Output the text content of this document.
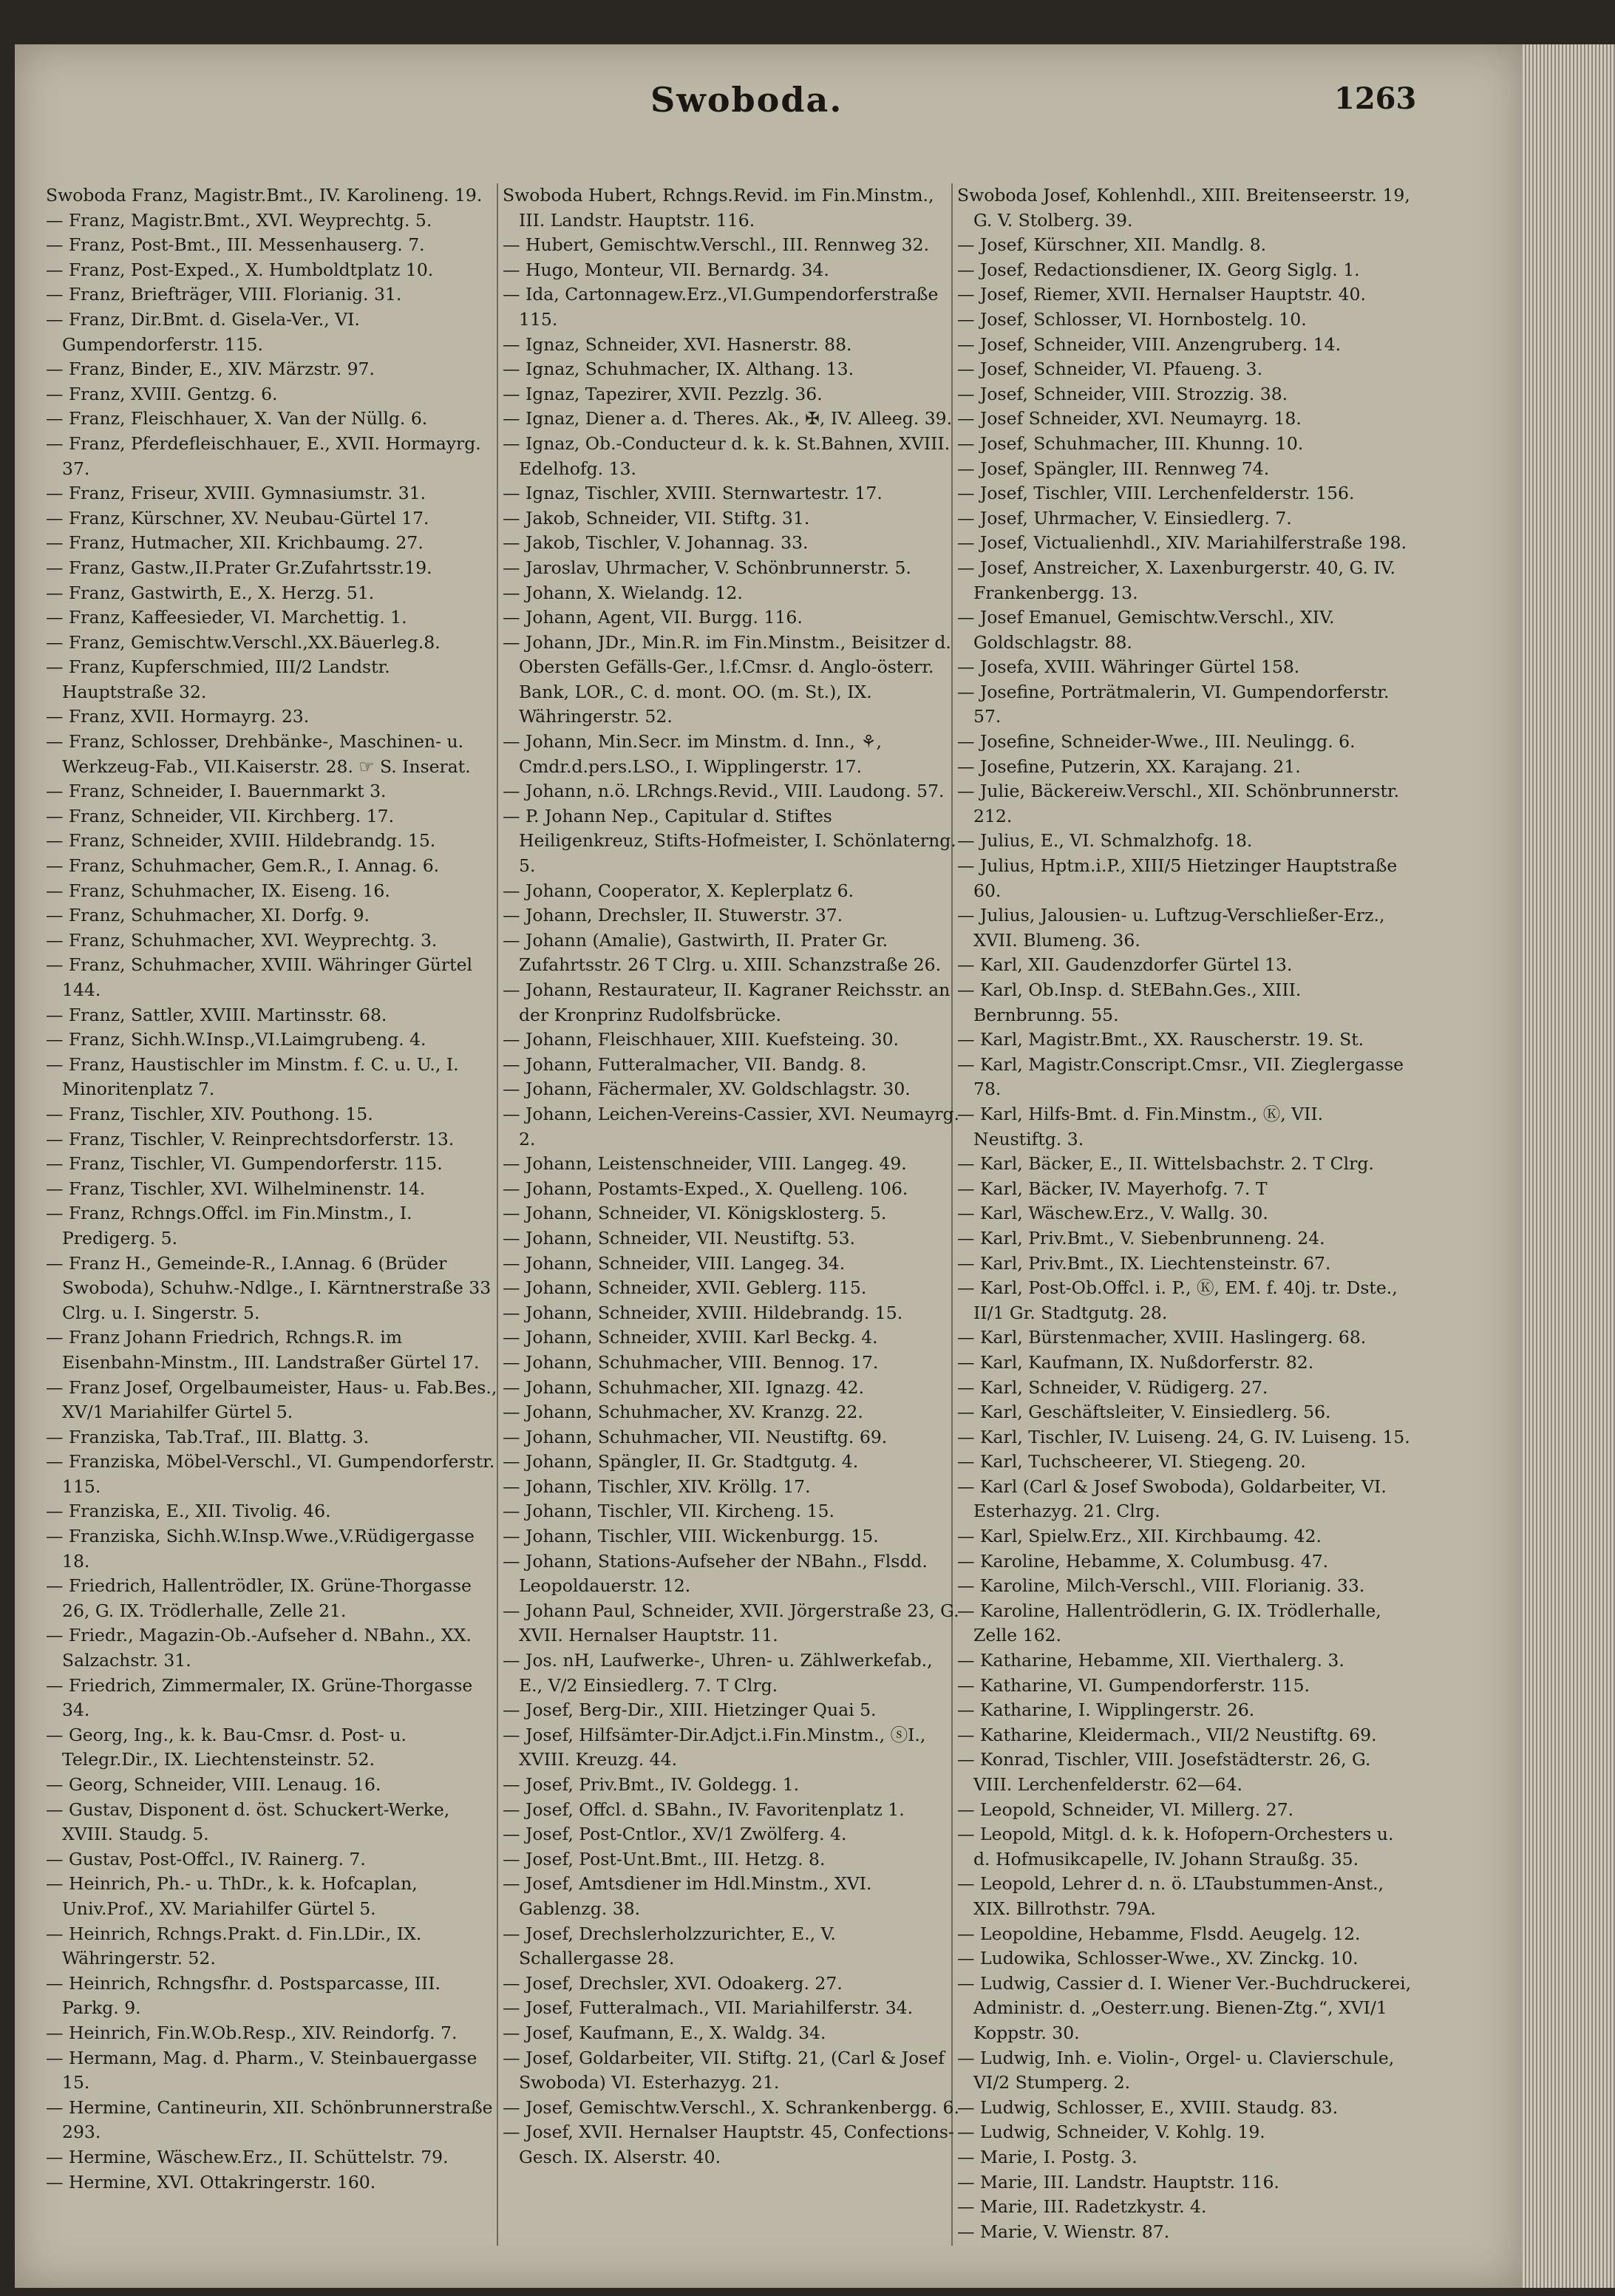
Swoboda.	1263
Swoboda Franz, Magistr.Bmt., IV. Karolineng. 19.
— Franz, Magistr.Bmt., XVI. Weyprechtg. 5.
— Franz, Post-Bmt., III. Messenhauserg. 7.
— Franz, Post-Exped., X. Humboldtplatz 10.
— Franz, Briefträger, VIII. Florianig. 31.
— Franz, Dir.Bmt. d. Gisela-Ver., VI. Gumpendorferstr. 115.
— Franz, Binder, E., XIV. Märzstr. 97.
— Franz, XVIII. Gentzg. 6.
— Franz, Fleischhauer, X. Van der Nüllg. 6.
— Franz, Pferdefleischhauer, E., XVII. Hormayrg. 37.
— Franz, Friseur, XVIII. Gymnasiumstr. 31.
— Franz, Kürschner, XV. Neubau-Gürtel 17.
— Franz, Hutmacher, XII. Krichbaumg. 27.
— Franz, Gastw.,II.Prater Gr.Zufahrtsstr.19.
— Franz, Gastwirth, E., X. Herzg. 51.
— Franz, Kaffeesieder, VI. Marchettig. 1.
— Franz, Gemischtw.Verschl.,XX.Bäuerleg.8.
— Franz, Kupferschmied, III/2 Landstr. Hauptstraße 32.
— Franz, XVII. Hormayrg. 23.
— Franz, Schlosser, Drehbänke-, Maschinen- u. Werkzeug-Fab., VII.Kaiserstr. 28. ☞ S. Inserat.
— Franz, Schneider, I. Bauernmarkt 3.
— Franz, Schneider, VII. Kirchberg. 17.
— Franz, Schneider, XVIII. Hildebrandg. 15.
— Franz, Schuhmacher, Gem.R., I. Annag. 6.
— Franz, Schuhmacher, IX. Eiseng. 16.
— Franz, Schuhmacher, XI. Dorfg. 9.
— Franz, Schuhmacher, XVI. Weyprechtg. 3.
— Franz, Schuhmacher, XVIII. Währinger Gürtel 144.
— Franz, Sattler, XVIII. Martinsstr. 68.
— Franz, Sichh.W.Insp.,VI.Laimgrubeng. 4.
— Franz, Haustischler im Minstm. f. C. u. U., I. Minoritenplatz 7.
— Franz, Tischler, XIV. Pouthong. 15.
— Franz, Tischler, V. Reinprechtsdorferstr. 13.
— Franz, Tischler, VI. Gumpendorferstr. 115.
— Franz, Tischler, XVI. Wilhelminenstr. 14.
— Franz, Rchngs.Offcl. im Fin.Minstm., I. Predigerg. 5.
— Franz H., Gemeinde-R., I.Annag. 6 (Brüder Swoboda), Schuhw.-Ndlge., I. Kärntnerstraße 33 Clrg. u. I. Singerstr. 5.
— Franz Johann Friedrich, Rchngs.R. im Eisenbahn-Minstm., III. Landstraßer Gürtel 17.
— Franz Josef, Orgelbaumeister, Haus- u. Fab.Bes., XV/1 Mariahilfer Gürtel 5.
— Franziska, Tab.Traf., III. Blattg. 3.
— Franziska, Möbel-Verschl., VI. Gumpendorferstr. 115.
— Franziska, E., XII. Tivolig. 46.
— Franziska, Sichh.W.Insp.Wwe.,V.Rüdigergasse 18.
— Friedrich, Hallentrödler, IX. Grüne-Thorgasse 26, G. IX. Trödlerhalle, Zelle 21.
— Friedr., Magazin-Ob.-Aufseher d. NBahn., XX. Salzachstr. 31.
— Friedrich, Zimmermaler, IX. Grüne-Thorgasse 34.
— Georg, Ing., k. k. Bau-Cmsr. d. Post- u. Telegr.Dir., IX. Liechtensteinstr. 52.
— Georg, Schneider, VIII. Lenaug. 16.
— Gustav, Disponent d. öst. Schuckert-Werke, XVIII. Staudg. 5.
— Gustav, Post-Offcl., IV. Rainerg. 7.
— Heinrich, Ph.- u. ThDr., k. k. Hofcaplan, Univ.Prof., XV. Mariahilfer Gürtel 5.
— Heinrich, Rchngs.Prakt. d. Fin.LDir., IX. Währingerstr. 52.
— Heinrich, Rchngsfhr. d. Postsparcasse, III. Parkg. 9.
— Heinrich, Fin.W.Ob.Resp., XIV. Reindorfg. 7.
— Hermann, Mag. d. Pharm., V. Steinbauergasse 15.
— Hermine, Cantineurin, XII. Schönbrunnerstraße 293.
— Hermine, Wäschew.Erz., II. Schüttelstr. 79.
— Hermine, XVI. Ottakringerstr. 160.
Swoboda Hubert, Rchngs.Revid. im Fin.Minstm., III. Landstr. Hauptstr. 116.
— Hubert, Gemischtw.Verschl., III. Rennweg 32.
— Hugo, Monteur, VII. Bernardg. 34.
— Ida, Cartonnagew.Erz.,VI.Gumpendorferstraße 115.
— Ignaz, Schneider, XVI. Hasnerstr. 88.
— Ignaz, Schuhmacher, IX. Althang. 13.
— Ignaz, Tapezirer, XVII. Pezzlg. 36.
— Ignaz, Diener a. d. Theres. Ak., ✠, IV. Alleeg. 39.
— Ignaz, Ob.-Conducteur d. k. k. St.Bahnen, XVIII. Edelhofg. 13.
— Ignaz, Tischler, XVIII. Sternwartestr. 17.
— Jakob, Schneider, VII. Stiftg. 31.
— Jakob, Tischler, V. Johannag. 33.
— Jaroslav, Uhrmacher, V. Schönbrunnerstr. 5.
— Johann, X. Wielandg. 12.
— Johann, Agent, VII. Burgg. 116.
— Johann, JDr., Min.R. im Fin.Minstm., Beisitzer d. Obersten Gefälls-Ger., l.f.Cmsr. d. Anglo-österr. Bank, LOR., C. d. mont. OO. (m. St.), IX. Währingerstr. 52.
— Johann, Min.Secr. im Minstm. d. Inn., ⚘, Cmdr.d.pers.LSO., I. Wipplingerstr. 17.
— Johann, n.ö. LRchngs.Revid., VIII. Laudong. 57.
— P. Johann Nep., Capitular d. Stiftes Heiligenkreuz, Stifts-Hofmeister, I. Schönlaterng. 5.
— Johann, Cooperator, X. Keplerplatz 6.
— Johann, Drechsler, II. Stuwerstr. 37.
— Johann (Amalie), Gastwirth, II. Prater Gr. Zufahrtsstr. 26 T Clrg. u. XIII. Schanzstraße 26.
— Johann, Restaurateur, II. Kagraner Reichsstr. an der Kronprinz Rudolfsbrücke.
— Johann, Fleischhauer, XIII. Kuefsteing. 30.
— Johann, Futteralmacher, VII. Bandg. 8.
— Johann, Fächermaler, XV. Goldschlagstr. 30.
— Johann, Leichen-Vereins-Cassier, XVI. Neumayrg. 2.
— Johann, Leistenschneider, VIII. Langeg. 49.
— Johann, Postamts-Exped., X. Quelleng. 106.
— Johann, Schneider, VI. Königsklosterg. 5.
— Johann, Schneider, VII. Neustiftg. 53.
— Johann, Schneider, VIII. Langeg. 34.
— Johann, Schneider, XVII. Geblerg. 115.
— Johann, Schneider, XVIII. Hildebrandg. 15.
— Johann, Schneider, XVIII. Karl Beckg. 4.
— Johann, Schuhmacher, VIII. Bennog. 17.
— Johann, Schuhmacher, XII. Ignazg. 42.
— Johann, Schuhmacher, XV. Kranzg. 22.
— Johann, Schuhmacher, VII. Neustiftg. 69.
— Johann, Spängler, II. Gr. Stadtgutg. 4.
— Johann, Tischler, XIV. Kröllg. 17.
— Johann, Tischler, VII. Kircheng. 15.
— Johann, Tischler, VIII. Wickenburgg. 15.
— Johann, Stations-Aufseher der NBahn., Flsdd. Leopoldauerstr. 12.
— Johann Paul, Schneider, XVII. Jörgerstraße 23, G. XVII. Hernalser Hauptstr. 11.
— Jos. nH, Laufwerke-, Uhren- u. Zählwerkefab., E., V/2 Einsiedlerg. 7. T Clrg.
— Josef, Berg-Dir., XIII. Hietzinger Quai 5.
— Josef, Hilfsämter-Dir.Adjct.i.Fin.Minstm., ⓢI., XVIII. Kreuzg. 44.
— Josef, Priv.Bmt., IV. Goldegg. 1.
— Josef, Offcl. d. SBahn., IV. Favoritenplatz 1.
— Josef, Post-Cntlor., XV/1 Zwölferg. 4.
— Josef, Post-Unt.Bmt., III. Hetzg. 8.
— Josef, Amtsdiener im Hdl.Minstm., XVI. Gablenzg. 38.
— Josef, Drechslerholzzurichter, E., V. Schallergasse 28.
— Josef, Drechsler, XVI. Odoakerg. 27.
— Josef, Futteralmach., VII. Mariahilferstr. 34.
— Josef, Kaufmann, E., X. Waldg. 34.
— Josef, Goldarbeiter, VII. Stiftg. 21, (Carl & Josef Swoboda) VI. Esterhazyg. 21.
— Josef, Gemischtw.Verschl., X. Schrankenbergg. 6.
— Josef, XVII. Hernalser Hauptstr. 45, Confections-Gesch. IX. Alserstr. 40.
Swoboda Josef, Kohlenhdl., XIII. Breitenseerstr. 19, G. V. Stolberg. 39.
— Josef, Kürschner, XII. Mandlg. 8.
— Josef, Redactionsdiener, IX. Georg Siglg. 1.
— Josef, Riemer, XVII. Hernalser Hauptstr. 40.
— Josef, Schlosser, VI. Hornbostelg. 10.
— Josef, Schneider, VIII. Anzengruberg. 14.
— Josef, Schneider, VI. Pfaueng. 3.
— Josef, Schneider, VIII. Strozzig. 38.
— Josef Schneider, XVI. Neumayrg. 18.
— Josef, Schuhmacher, III. Khunng. 10.
— Josef, Spängler, III. Rennweg 74.
— Josef, Tischler, VIII. Lerchenfelderstr. 156.
— Josef, Uhrmacher, V. Einsiedlerg. 7.
— Josef, Victualienhdl., XIV. Mariahilferstraße 198.
— Josef, Anstreicher, X. Laxenburgerstr. 40, G. IV. Frankenbergg. 13.
— Josef Emanuel, Gemischtw.Verschl., XIV. Goldschlagstr. 88.
— Josefa, XVIII. Währinger Gürtel 158.
— Josefine, Porträtmalerin, VI. Gumpendorferstr. 57.
— Josefine, Schneider-Wwe., III. Neulingg. 6.
— Josefine, Putzerin, XX. Karajang. 21.
— Julie, Bäckereiw.Verschl., XII. Schönbrunnerstr. 212.
— Julius, E., VI. Schmalzhofg. 18.
— Julius, Hptm.i.P., XIII/5 Hietzinger Hauptstraße 60.
— Julius, Jalousien- u. Luftzug-Verschließer-Erz., XVII. Blumeng. 36.
— Karl, XII. Gaudenzdorfer Gürtel 13.
— Karl, Ob.Insp. d. StEBahn.Ges., XIII. Bernbrunng. 55.
— Karl, Magistr.Bmt., XX. Rauscherstr. 19. St.
— Karl, Magistr.Conscript.Cmsr., VII. Zieglergasse 78.
— Karl, Hilfs-Bmt. d. Fin.Minstm., Ⓚ, VII. Neustiftg. 3.
— Karl, Bäcker, E., II. Wittelsbachstr. 2. T Clrg.
— Karl, Bäcker, IV. Mayerhofg. 7. T
— Karl, Wäschew.Erz., V. Wallg. 30.
— Karl, Priv.Bmt., V. Siebenbrunneng. 24.
— Karl, Priv.Bmt., IX. Liechtensteinstr. 67.
— Karl, Post-Ob.Offcl. i. P., Ⓚ, EM. f. 40j. tr. Dste., II/1 Gr. Stadtgutg. 28.
— Karl, Bürstenmacher, XVIII. Haslingerg. 68.
— Karl, Kaufmann, IX. Nußdorferstr. 82.
— Karl, Schneider, V. Rüdigerg. 27.
— Karl, Geschäftsleiter, V. Einsiedlerg. 56.
— Karl, Tischler, IV. Luiseng. 24, G. IV. Luiseng. 15.
— Karl, Tuchscheerer, VI. Stiegeng. 20.
— Karl (Carl & Josef Swoboda), Goldarbeiter, VI. Esterhazyg. 21. Clrg.
— Karl, Spielw.Erz., XII. Kirchbaumg. 42.
— Karoline, Hebamme, X. Columbusg. 47.
— Karoline, Milch-Verschl., VIII. Florianig. 33.
— Karoline, Hallentrödlerin, G. IX. Trödlerhalle, Zelle 162.
— Katharine, Hebamme, XII. Vierthalerg. 3.
— Katharine, VI. Gumpendorferstr. 115.
— Katharine, I. Wipplingerstr. 26.
— Katharine, Kleidermach., VII/2 Neustiftg. 69.
— Konrad, Tischler, VIII. Josefstädterstr. 26, G. VIII. Lerchenfelderstr. 62—64.
— Leopold, Schneider, VI. Millerg. 27.
— Leopold, Mitgl. d. k. k. Hofopern-Orchesters u. d. Hofmusikcapelle, IV. Johann Straußg. 35.
— Leopold, Lehrer d. n. ö. LTaubstummen-Anst., XIX. Billrothstr. 79A.
— Leopoldine, Hebamme, Flsdd. Aeugelg. 12.
— Ludowika, Schlosser-Wwe., XV. Zinckg. 10.
— Ludwig, Cassier d. I. Wiener Ver.-Buchdruckerei, Administr. d. „Oesterr.ung. Bienen-Ztg.“, XVI/1 Koppstr. 30.
— Ludwig, Inh. e. Violin-, Orgel- u. Clavierschule, VI/2 Stumperg. 2.
— Ludwig, Schlosser, E., XVIII. Staudg. 83.
— Ludwig, Schneider, V. Kohlg. 19.
— Marie, I. Postg. 3.
— Marie, III. Landstr. Hauptstr. 116.
— Marie, III. Radetzkystr. 4.
— Marie, V. Wienstr. 87.
